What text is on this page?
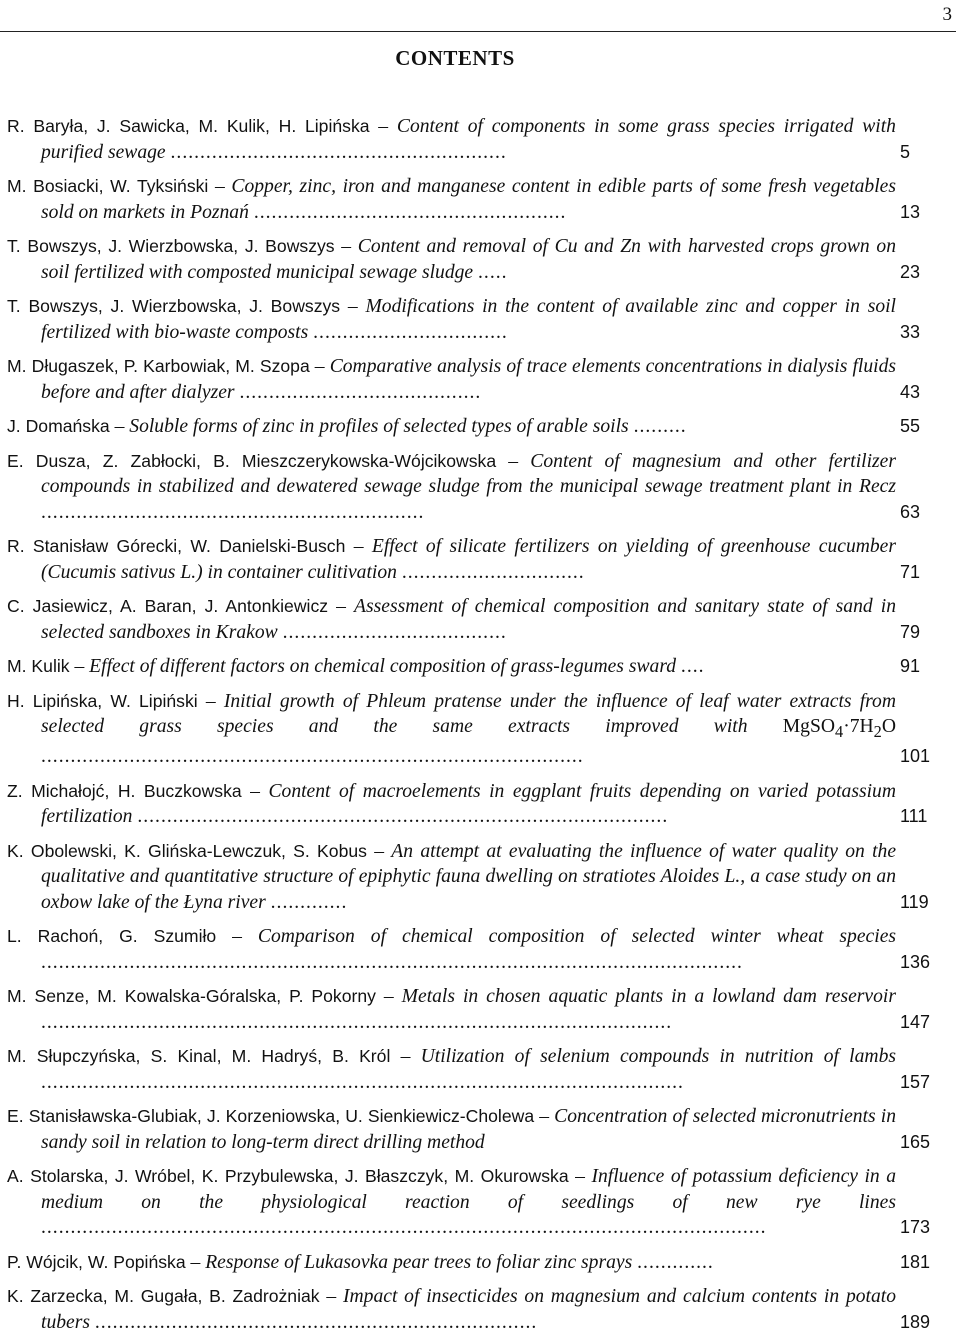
3
CONTENTS
R. Baryła, J. Sawicka, M. Kulik, H. Lipińska – Content of components in some grass species irrigated with purified sewage .........................................................	5
M. Bosiacki, W. Tyksiński – Copper, zinc, iron and manganese content in edible parts of some fresh vegetables sold on markets in Poznań .....................................................	13
T. Bowszys, J. Wierzbowska, J. Bowszys – Content and removal of Cu and Zn with harvested crops grown on soil fertilized with composted municipal sewage sludge .....	23
T. Bowszys, J. Wierzbowska, J. Bowszys – Modifications in the content of available zinc and copper in soil fertilized with bio-waste composts .................................	33
M. Długaszek, P. Karbowiak, M. Szopa – Comparative analysis of trace elements concentrations in dialysis fluids before and after dialyzer .........................................	43
J. Domańska – Soluble forms of zinc in profiles of selected types of arable soils .........	55
E. Dusza, Z. Zabłocki, B. Mieszczerykowska-Wójcikowska – Content of magnesium and other fertilizer compounds in stabilized and dewatered sewage sludge from the municipal sewage treatment plant in Recz .................................................................	63
R. Stanisław Górecki, W. Danielski-Busch – Effect of silicate fertilizers on yielding of greenhouse cucumber (Cucumis sativus L.) in container culitivation ...............................	71
C. Jasiewicz, A. Baran, J. Antonkiewicz – Assessment of chemical composition and sanitary state of sand in selected sandboxes in Krakow ......................................	79
M. Kulik – Effect of different factors on chemical composition of grass-legumes sward ....	91
H. Lipińska, W. Lipiński – Initial growth of Phleum pratense under the influence of leaf water extracts from selected grass species and the same extracts improved with $MgSO_4\cdot 7H_2O$ ............................................................................................	101
Z. Michałojć, H. Buczkowska – Content of macroelements in eggplant fruits depending on varied potassium fertilization ..........................................................................................	111
K. Obolewski, K. Glińska-Lewczuk, S. Kobus – An attempt at evaluating the influence of water quality on the qualitative and quantitative structure of epiphytic fauna dwelling on stratiotes Aloides L., a case study on an oxbow lake of the Łyna river .............	119
L. Rachoń, G. Szumiło – Comparison of chemical composition of selected winter wheat species .......................................................................................................................	136
M. Senze, M. Kowalska-Góralska, P. Pokorny – Metals in chosen aquatic plants in a lowland dam reservoir ...........................................................................................................	147
M. Słupczyńska, S. Kinal, M. Hadryś, B. Król – Utilization of selenium compounds in nutrition of lambs .............................................................................................................	157
E. Stanisławska-Glubiak, J. Korzeniowska, U. Sienkiewicz-Cholewa – Concentration of selected micronutrients in sandy soil in relation to long-term direct drilling method	165
A. Stolarska, J. Wróbel, K. Przybulewska, J. Błaszczyk, M. Okurowska – Influence of potassium deficiency in a medium on the physiological reaction of seedlings of new rye lines ...........................................................................................................................	173
P. Wójcik, W. Popińska – Response of Lukasovka pear trees to foliar zinc sprays .............	181
K. Zarzecka, M. Gugała, B. Zadrożniak – Impact of insecticides on magnesium and calcium contents in potato tubers ...........................................................................	189
